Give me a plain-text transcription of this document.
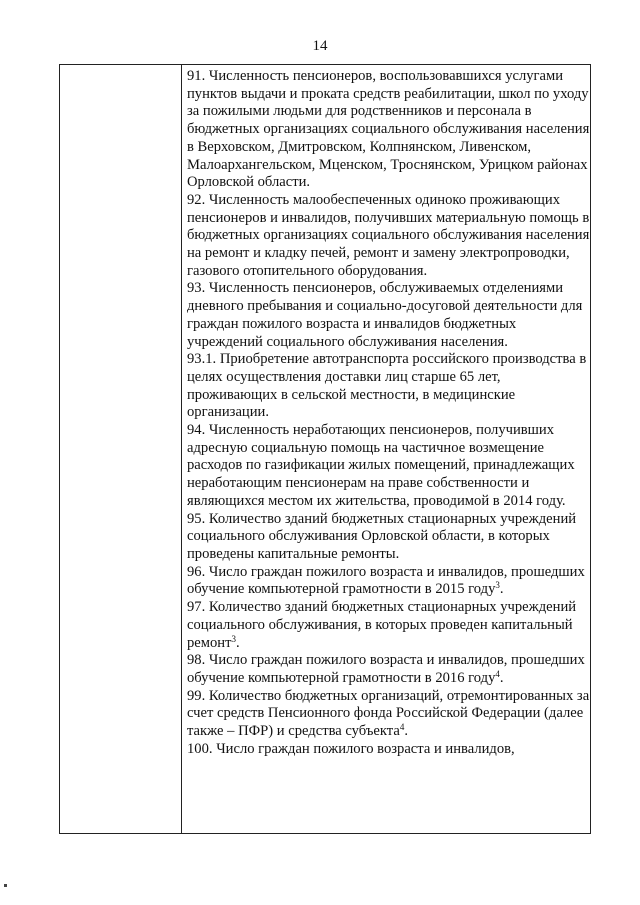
14

91. Численность пенсионеров, воспользовавшихся услугами пунктов выдачи и проката средств реабилитации, школ по уходу за пожилыми людьми для родственников и персонала в бюджетных организациях социального обслуживания населения в Верховском, Дмитровском, Колпнянском, Ливенском, Малоархангельском, Мценском, Троснянском, Урицком районах Орловской области.

92. Численность малообеспеченных одиноко проживающих пенсионеров и инвалидов, получивших материальную помощь в бюджетных организациях социального обслуживания населения на ремонт и кладку печей, ремонт и замену электропроводки, газового отопительного оборудования.

93. Численность пенсионеров, обслуживаемых отделениями дневного пребывания и социально-досуговой деятельности для граждан пожилого возраста и инвалидов бюджетных учреждений социального обслуживания населения.

93.1. Приобретение автотранспорта российского производства в целях осуществления доставки лиц старше 65 лет, проживающих в сельской местности, в медицинские организации.

94. Численность неработающих пенсионеров, получивших адресную социальную помощь на частичное возмещение расходов по газификации жилых помещений, принадлежащих неработающим пенсионерам на праве собственности и являющихся местом их жительства, проводимой в 2014 году.

95. Количество зданий бюджетных стационарных учреждений социального обслуживания Орловской области, в которых проведены капитальные ремонты.

96. Число граждан пожилого возраста и инвалидов, прошедших обучение компьютерной грамотности в 2015 году$^3$.

97. Количество зданий бюджетных стационарных учреждений социального обслуживания, в которых проведен капитальный ремонт$^3$.

98. Число граждан пожилого возраста и инвалидов, прошедших обучение компьютерной грамотности в 2016 году$^4$.

99. Количество бюджетных организаций, отремонтированных за счет средств Пенсионного фонда Российской Федерации (далее также – ПФР) и средства субъекта$^4$.

100. Число граждан пожилого возраста и инвалидов,
